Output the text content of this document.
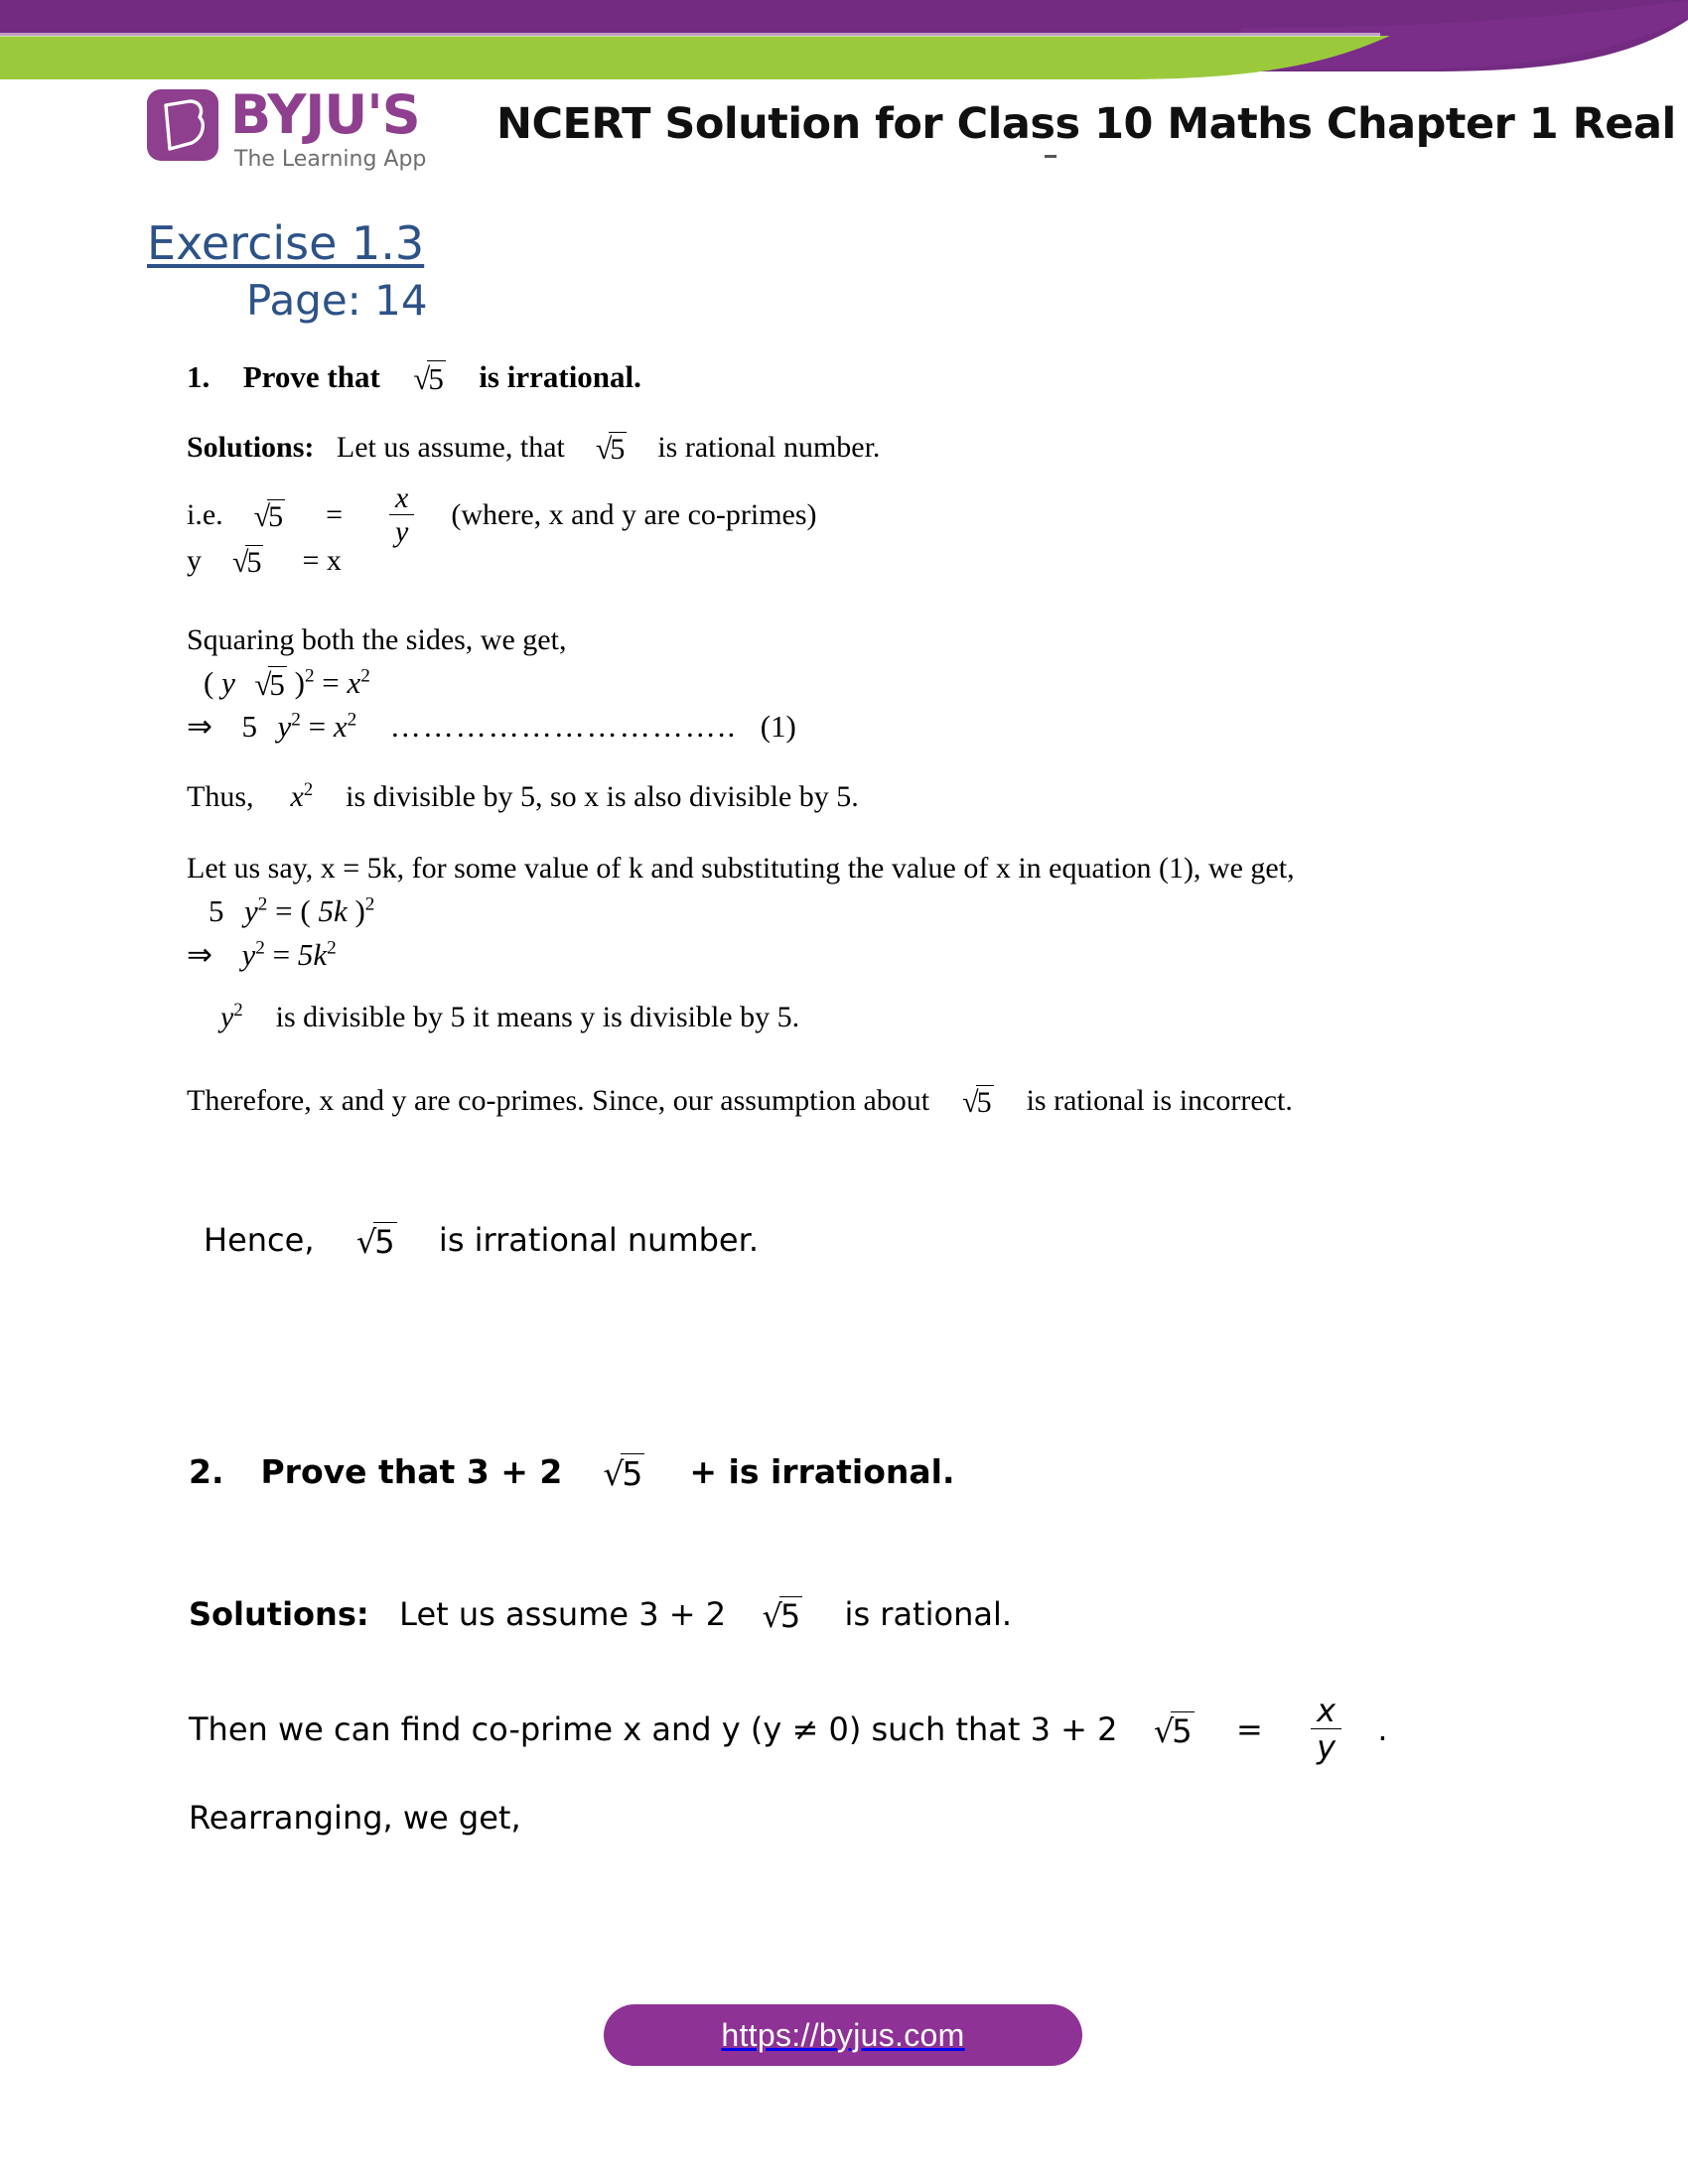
BYJU'S
The Learning App
NCERT Solution for Class 10 Maths Chapter 1 Real
Exercise 1.3
Page: 14
1. Prove that √5 is irrational.
Solutions: Let us assume, that √5 is rational number.
i.e. $√5 = \frac{x}{y}$ (where, x and y are co-primes)
y √5 = x
Squaring both the sides, we get,
( y √5 )$^2 = x^2$
⇒ 5 $y^2 = x^2$ ………………………….. (1)
Thus, $x^2$ is divisible by 5, so x is also divisible by 5.
Let us say, x = 5k, for some value of k and substituting the value of x in equation (1), we get,
5 $y^2$ = ( 5k )$^2$
⇒ $y^2 = 5k^2$
$y^2$ is divisible by 5 it means y is divisible by 5.
Therefore, x and y are co-primes. Since, our assumption about √5 is rational is incorrect.
Hence, √5 is irrational number.
2. Prove that 3 + 2 √5 + is irrational.
Solutions: Let us assume 3 + 2 √5 is rational.
Then we can find co-prime x and y (y ≠ 0) such that 3 + 2 $√5 = \frac{x}{y}$ .
Rearranging, we get,
https://byjus.com
